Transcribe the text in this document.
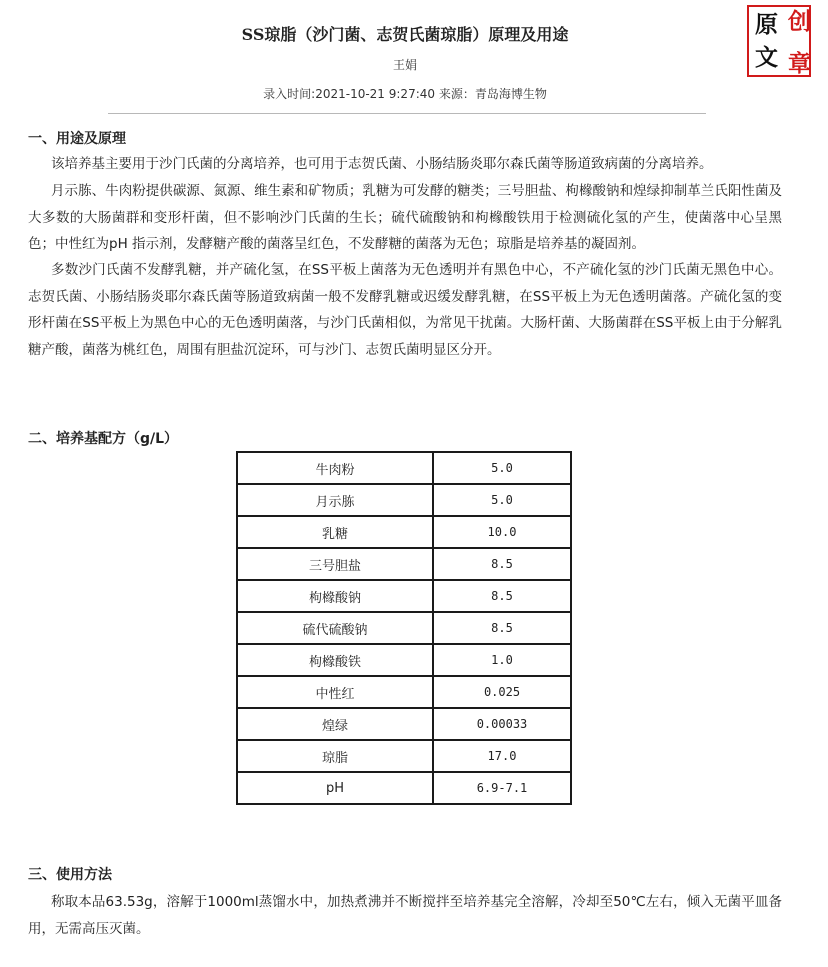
SS琼脂（沙门菌、志贺氏菌琼脂）原理及用途
王娟
录入时间:2021-10-21 9:27:40 来源：青岛海博生物
原 创
文 章
一、用途及原理

该培养基主要用于沙门氏菌的分离培养，也可用于志贺氏菌、小肠结肠炎耶尔森氏菌等肠道致病菌的分离培养。

月示胨、牛肉粉提供碳源、氮源、维生素和矿物质；乳糖为可发酵的糖类；三号胆盐、枸橼酸钠和煌绿抑制革兰氏阳性菌及大多数的大肠菌群和变形杆菌，但不影响沙门氏菌的生长；硫代硫酸钠和枸橼酸铁用于检测硫化氢的产生，使菌落中心呈黑色；中性红为pH 指示剂，发酵糖产酸的菌落呈红色，不发酵糖的菌落为无色；琼脂是培养基的凝固剂。

多数沙门氏菌不发酵乳糖，并产硫化氢，在SS平板上菌落为无色透明并有黑色中心，不产硫化氢的沙门氏菌无黑色中心。志贺氏菌、小肠结肠炎耶尔森氏菌等肠道致病菌一般不发酵乳糖或迟缓发酵乳糖，在SS平板上为无色透明菌落。产硫化氢的变形杆菌在SS平板上为黑色中心的无色透明菌落，与沙门氏菌相似，为常见干扰菌。大肠杆菌、大肠菌群在SS平板上由于分解乳糖产酸，菌落为桃红色，周围有胆盐沉淀环，可与沙门、志贺氏菌明显区分开。

二、培养基配方（g/L）
牛肉粉	5.0
月示胨	5.0
乳糖	10.0
三号胆盐	8.5
枸橼酸钠	8.5
硫代硫酸钠	8.5
枸橼酸铁	1.0
中性红	0.025
煌绿	0.00033
琼脂	17.0
pH	6.9-7.1
三、使用方法

称取本品63.53g，溶解于1000ml蒸馏水中，加热煮沸并不断搅拌至培养基完全溶解，冷却至50℃左右，倾入无菌平皿备用，无需高压灭菌。
